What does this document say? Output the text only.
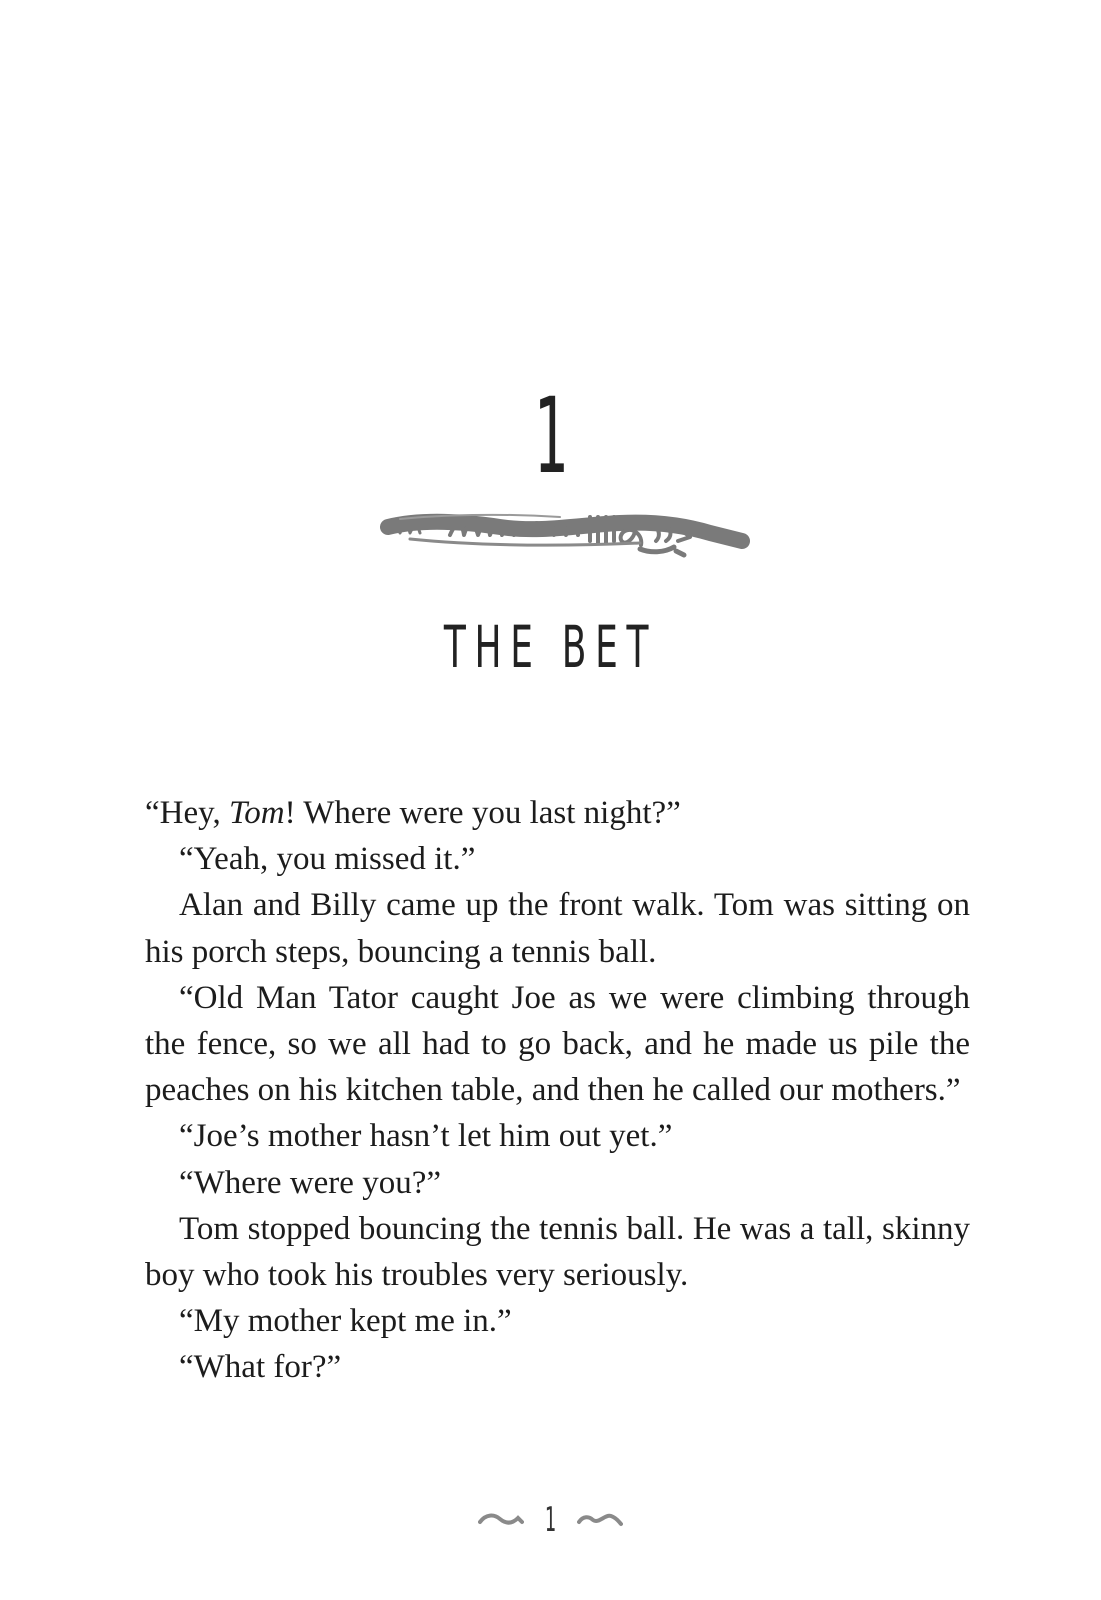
1
THE BET

“Hey, Tom! Where were you last night?”

“Yeah, you missed it.”

Alan and Billy came up the front walk. Tom was sitting on his porch steps, bouncing a tennis ball.

“Old Man Tator caught Joe as we were climbing through the fence, so we all had to go back, and he made us pile the peaches on his kitchen table, and then he called our mothers.”

“Joe’s mother hasn’t let him out yet.”

“Where were you?”

Tom stopped bouncing the tennis ball. He was a tall, skinny boy who took his troubles very seriously.

“My mother kept me in.”

“What for?”

1
